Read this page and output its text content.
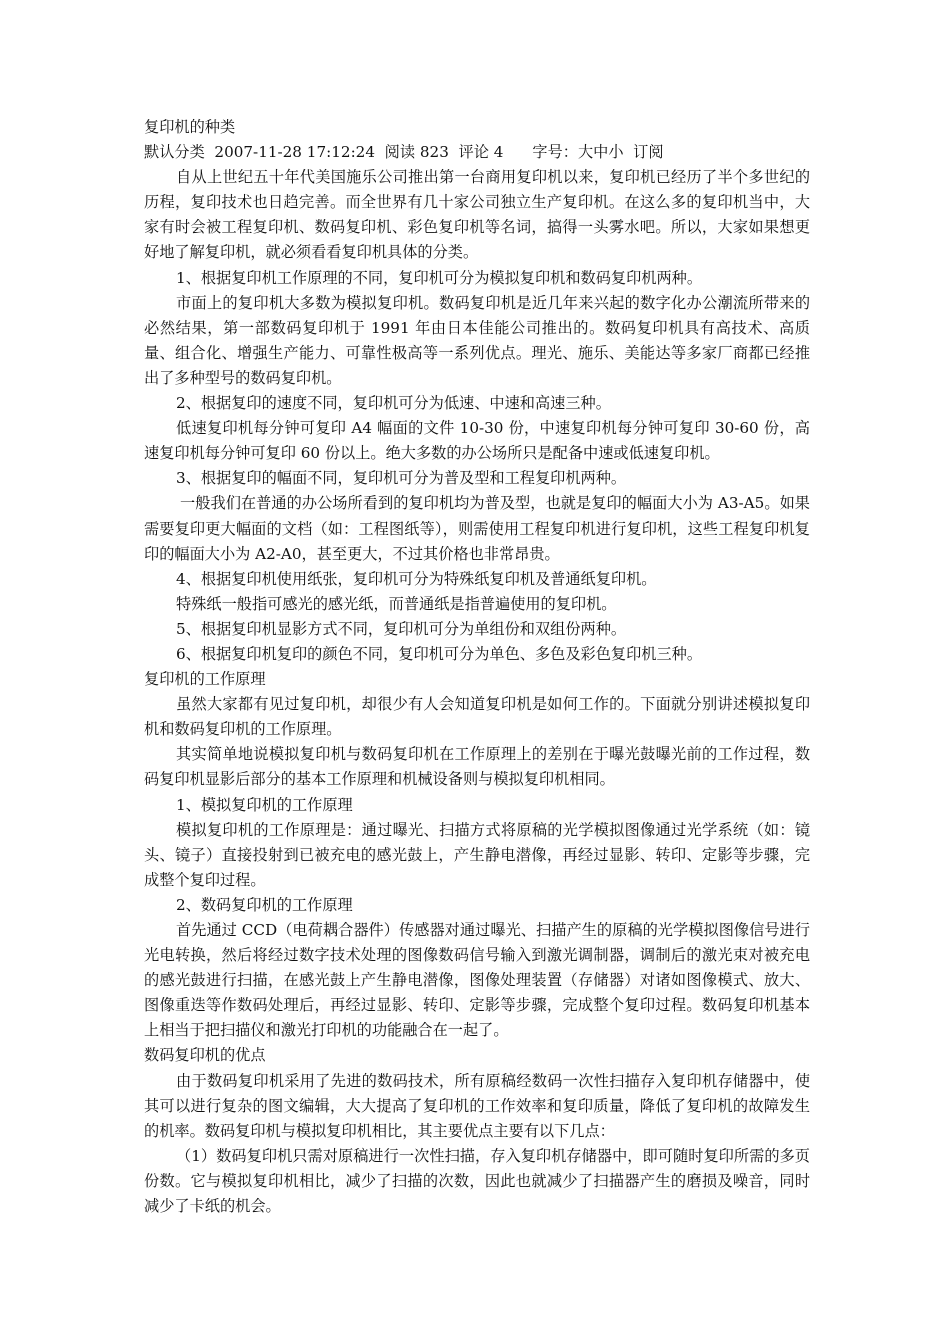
复印机的种类

默认分类 2007-11-28 17:12:24 阅读 823 评论 4 字号：大中小 订阅

自从上世纪五十年代美国施乐公司推出第一台商用复印机以来，复印机已经历了半个多世纪的历程，复印技术也日趋完善。而全世界有几十家公司独立生产复印机。在这么多的复印机当中，大家有时会被工程复印机、数码复印机、彩色复印机等名词，搞得一头雾水吧。所以，大家如果想更好地了解复印机，就必须看看复印机具体的分类。

1、根据复印机工作原理的不同，复印机可分为模拟复印机和数码复印机两种。

市面上的复印机大多数为模拟复印机。数码复印机是近几年来兴起的数字化办公潮流所带来的必然结果，第一部数码复印机于 1991 年由日本佳能公司推出的。数码复印机具有高技术、高质量、组合化、增强生产能力、可靠性极高等一系列优点。理光、施乐、美能达等多家厂商都已经推出了多种型号的数码复印机。

2、根据复印的速度不同，复印机可分为低速、中速和高速三种。

低速复印机每分钟可复印 A4 幅面的文件 10-30 份，中速复印机每分钟可复印 30-60 份，高速复印机每分钟可复印 60 份以上。绝大多数的办公场所只是配备中速或低速复印机。

3、根据复印的幅面不同，复印机可分为普及型和工程复印机两种。

一般我们在普通的办公场所看到的复印机均为普及型，也就是复印的幅面大小为 A3-A5。如果需要复印更大幅面的文档（如：工程图纸等），则需使用工程复印机进行复印机，这些工程复印机复印的幅面大小为 A2-A0，甚至更大，不过其价格也非常昂贵。

4、根据复印机使用纸张，复印机可分为特殊纸复印机及普通纸复印机。

特殊纸一般指可感光的感光纸，而普通纸是指普遍使用的复印机。

5、根据复印机显影方式不同，复印机可分为单组份和双组份两种。

6、根据复印机复印的颜色不同，复印机可分为单色、多色及彩色复印机三种。

复印机的工作原理

虽然大家都有见过复印机，却很少有人会知道复印机是如何工作的。下面就分别讲述模拟复印机和数码复印机的工作原理。

其实简单地说模拟复印机与数码复印机在工作原理上的差别在于曝光鼓曝光前的工作过程，数码复印机显影后部分的基本工作原理和机械设备则与模拟复印机相同。

1、模拟复印机的工作原理

模拟复印机的工作原理是：通过曝光、扫描方式将原稿的光学模拟图像通过光学系统（如：镜头、镜子）直接投射到已被充电的感光鼓上，产生静电潜像，再经过显影、转印、定影等步骤，完成整个复印过程。

2、数码复印机的工作原理

首先通过 CCD（电荷耦合器件）传感器对通过曝光、扫描产生的原稿的光学模拟图像信号进行光电转换，然后将经过数字技术处理的图像数码信号输入到激光调制器，调制后的激光束对被充电的感光鼓进行扫描，在感光鼓上产生静电潜像，图像处理装置（存储器）对诸如图像模式、放大、图像重迭等作数码处理后，再经过显影、转印、定影等步骤，完成整个复印过程。数码复印机基本上相当于把扫描仪和激光打印机的功能融合在一起了。

数码复印机的优点

由于数码复印机采用了先进的数码技术，所有原稿经数码一次性扫描存入复印机存储器中，使其可以进行复杂的图文编辑，大大提高了复印机的工作效率和复印质量，降低了复印机的故障发生的机率。数码复印机与模拟复印机相比，其主要优点主要有以下几点：

（1）数码复印机只需对原稿进行一次性扫描，存入复印机存储器中，即可随时复印所需的多页份数。它与模拟复印机相比，减少了扫描的次数，因此也就减少了扫描器产生的磨损及噪音，同时减少了卡纸的机会。
